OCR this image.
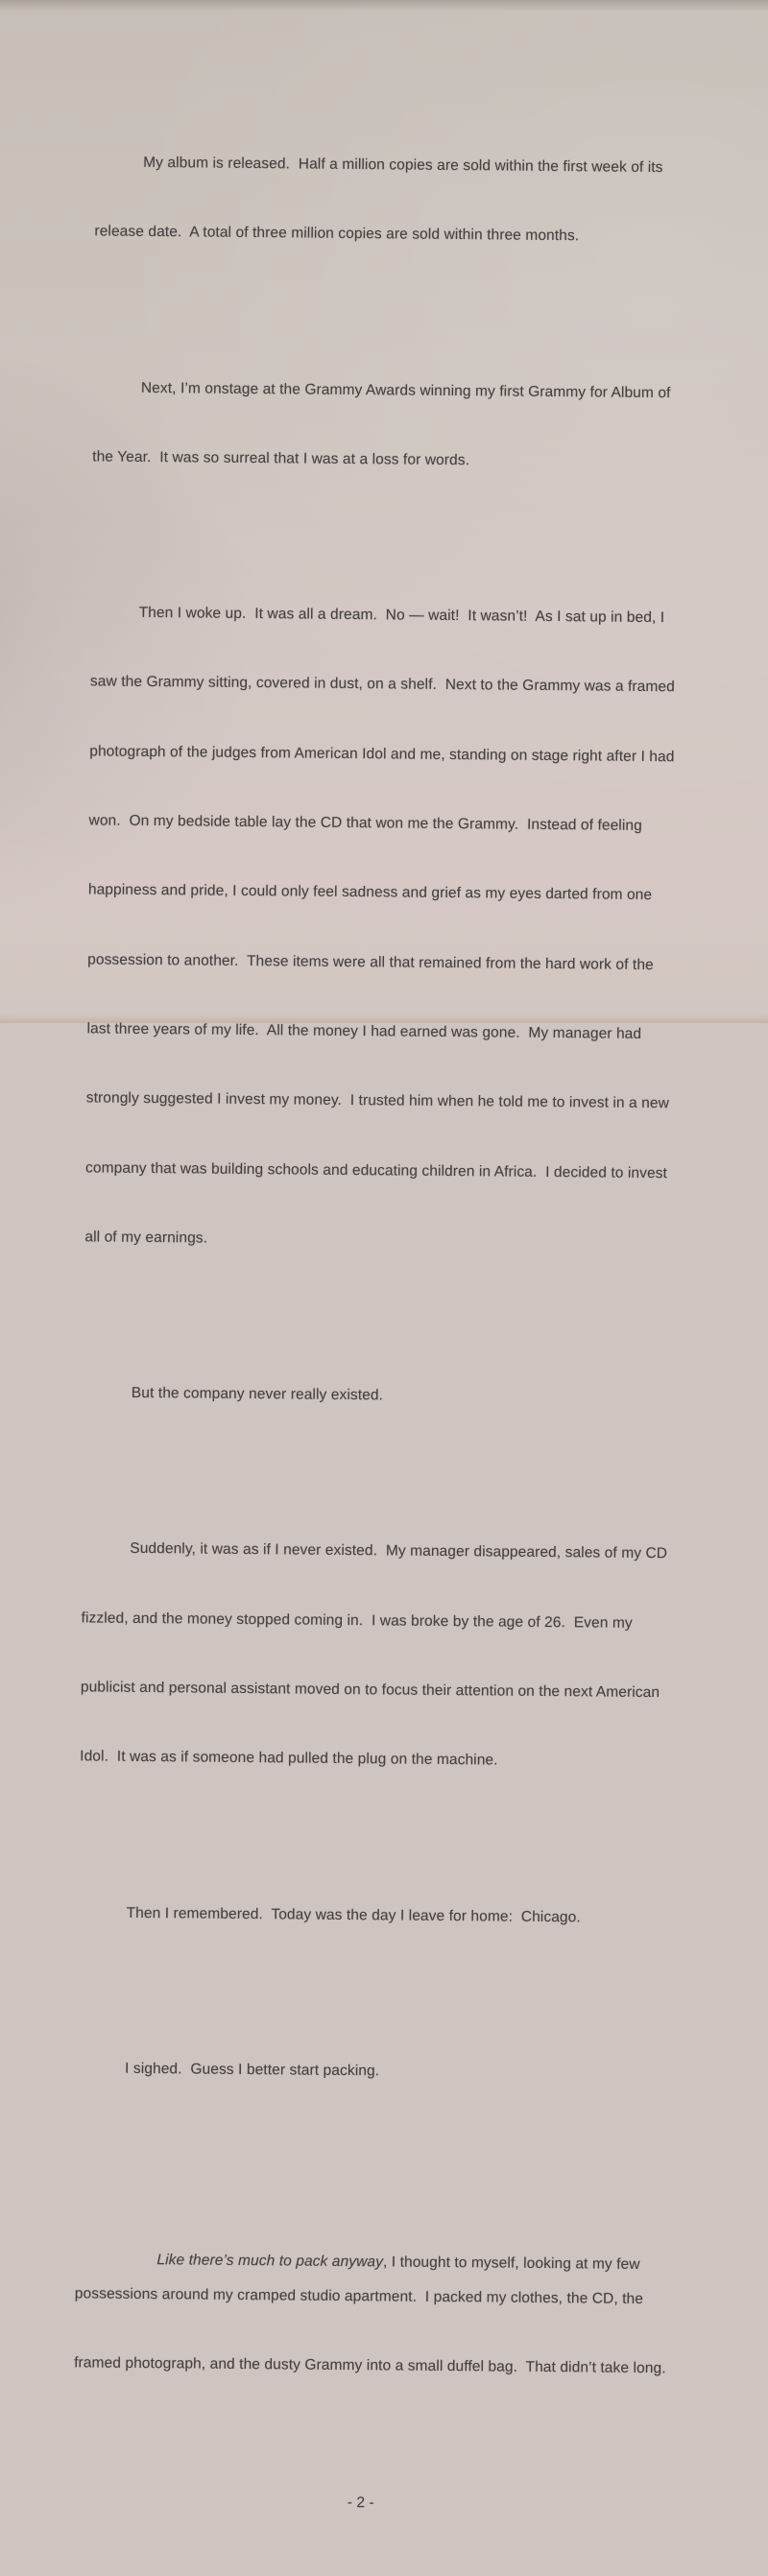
My album is released.  Half a million copies are sold within the first week of its

release date.  A total of three million copies are sold within three months.

Next, I’m onstage at the Grammy Awards winning my first Grammy for Album of

the Year.  It was so surreal that I was at a loss for words.

Then I woke up.  It was all a dream.  No — wait!  It wasn’t!  As I sat up in bed, I

saw the Grammy sitting, covered in dust, on a shelf.  Next to the Grammy was a framed

photograph of the judges from American Idol and me, standing on stage right after I had

won.  On my bedside table lay the CD that won me the Grammy.  Instead of feeling

happiness and pride, I could only feel sadness and grief as my eyes darted from one

possession to another.  These items were all that remained from the hard work of the

last three years of my life.  All the money I had earned was gone.  My manager had

strongly suggested I invest my money.  I trusted him when he told me to invest in a new

company that was building schools and educating children in Africa.  I decided to invest

all of my earnings.

But the company never really existed.

Suddenly, it was as if I never existed.  My manager disappeared, sales of my CD

fizzled, and the money stopped coming in.  I was broke by the age of 26.  Even my

publicist and personal assistant moved on to focus their attention on the next American

Idol.  It was as if someone had pulled the plug on the machine.

Then I remembered.  Today was the day I leave for home:  Chicago.

I sighed.  Guess I better start packing.

Like there’s much to pack anyway, I thought to myself, looking at my few

possessions around my cramped studio apartment.  I packed my clothes, the CD, the

framed photograph, and the dusty Grammy into a small duffel bag.  That didn’t take long.

- 2 -
